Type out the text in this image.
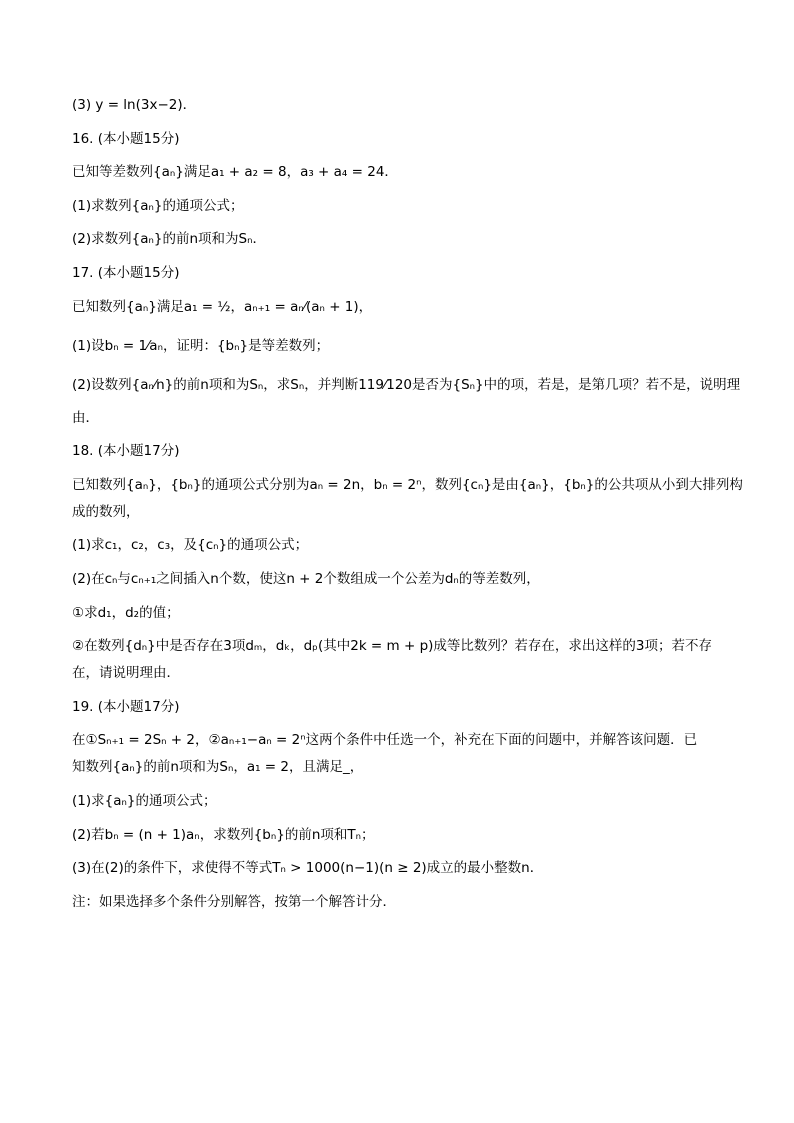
(3) y = ln(3x−2)．
16. (本小题15分)
已知等差数列{aₙ}满足a₁ + a₂ = 8，a₃ + a₄ = 24．
(1)求数列{aₙ}的通项公式；
(2)求数列{aₙ}的前n项和为Sₙ．
17. (本小题15分)
已知数列{aₙ}满足a₁ = ½，aₙ₊₁ = aₙ⁄(aₙ + 1)，
(1)设bₙ = 1⁄aₙ，证明：{bₙ}是等差数列；
(2)设数列{aₙ⁄n}的前n项和为Sₙ，求Sₙ，并判断119⁄120是否为{Sₙ}中的项，若是，是第几项？若不是，说明理
由．
18. (本小题17分)
已知数列{aₙ}，{bₙ}的通项公式分别为aₙ = 2n，bₙ = 2ⁿ，数列{cₙ}是由{aₙ}，{bₙ}的公共项从小到大排列构
成的数列，
(1)求c₁，c₂，c₃，及{cₙ}的通项公式；
(2)在cₙ与cₙ₊₁之间插入n个数，使这n + 2个数组成一个公差为dₙ的等差数列，
①求d₁，d₂的值；
②在数列{dₙ}中是否存在3项dₘ，dₖ，dₚ(其中2k = m + p)成等比数列？若存在，求出这样的3项；若不存
在，请说明理由．
19. (本小题17分)
在①Sₙ₊₁ = 2Sₙ + 2，②aₙ₊₁−aₙ = 2ⁿ这两个条件中任选一个，补充在下面的问题中，并解答该问题．已
知数列{aₙ}的前n项和为Sₙ，a₁ = 2，且满足_，
(1)求{aₙ}的通项公式；
(2)若bₙ = (n + 1)aₙ，求数列{bₙ}的前n项和Tₙ；
(3)在(2)的条件下，求使得不等式Tₙ > 1000(n−1)(n ≥ 2)成立的最小整数n．
注：如果选择多个条件分别解答，按第一个解答计分．
